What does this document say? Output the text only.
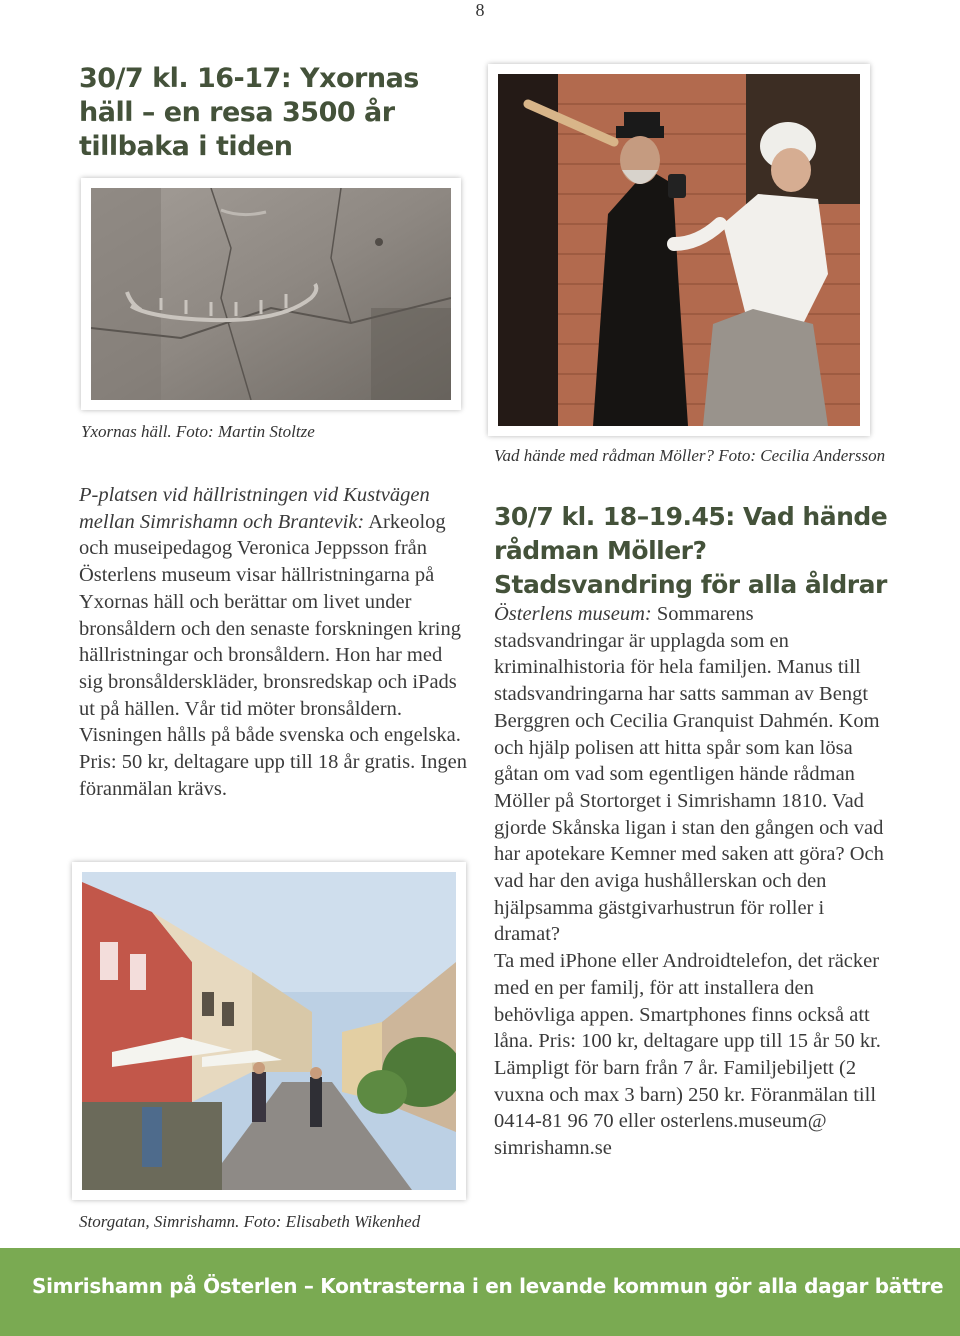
8
30/7 kl. 16-17: Yxornas häll – en resa 3500 år tillbaka i tiden
Yxornas häll. Foto: Martin Stoltze

P-platsen vid hällristningen vid Kustvägen mellan Simrishamn och Brantevik: Arkeolog och museipedagog Veronica Jeppsson från Österlens museum visar hällristningarna på Yxornas häll och berättar om livet under bronsåldern och den senaste forskningen kring hällristningar och bronsåldern. Hon har med sig bronsålderskläder, bronsredskap och iPads ut på hällen. Vår tid möter bronsåldern. Visningen hålls på både svenska och engelska. Pris: 50 kr, deltagare upp till 18 år gratis. Ingen föranmälan krävs.

Storgatan, Simrishamn. Foto: Elisabeth Wikenhed
Vad hände med rådman Möller? Foto: Cecilia Andersson
30/7 kl. 18–19.45: Vad hände rådman Möller? Stadsvandring för alla åldrar

Österlens museum: Sommarens stadsvandringar är upplagda som en kriminalhistoria för hela familjen. Manus till stadsvandringarna har satts samman av Bengt Berggren och Cecilia Granquist Dahmén. Kom och hjälp polisen att hitta spår som kan lösa gåtan om vad som egentligen hände rådman Möller på Stortorget i Simrishamn 1810. Vad gjorde Skånska ligan i stan den gången och vad har apotekare Kemner med saken att göra? Och vad har den aviga hushållerskan och den hjälpsamma gästgivarhustrun för roller i dramat?

Ta med iPhone eller Androidtelefon, det räcker med en per familj, för att installera den behövliga appen. Smartphones finns också att låna. Pris: 100 kr, deltagare upp till 15 år 50 kr. Lämpligt för barn från 7 år. Familjebiljett (2 vuxna och max 3 barn) 250 kr. Föranmälan till 0414-81 96 70 eller osterlens.museum@ simrishamn.se

Simrishamn på Österlen – Kontrasterna i en levande kommun gör alla dagar bättre
